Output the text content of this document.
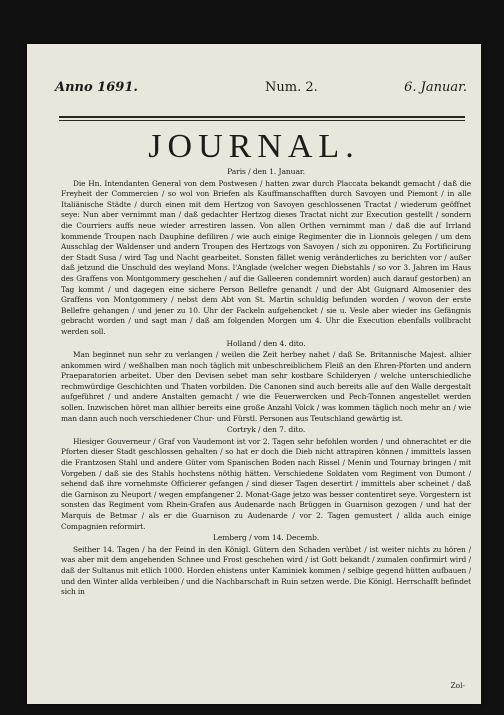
Anno 1691.	Num. 2.	6. Januar.
JOURNAL.
Paris / den 1. Januar.

Die Hn. Intendanten General von dem Postwesen / hatten zwar durch Placcata bekandt gemacht / daß die Freyheit der Commercien / so wol von Briefen als Kauffmanschafften durch Savoyen und Piemont / in alle Italiänische Städte / durch einen mit dem Hertzog von Savoyen geschlossenen Tractat / wiederum geöffnet seye: Nun aber vernimmt man / daß gedachter Hertzog dieses Tractat nicht zur Execution gestellt / sondern die Courriers auffs neue wieder arrestiren lassen. Von allen Orthen vernimmt man / daß die auf Irrland kommende Troupen nach Dauphine defiliren / wie auch einige Regimenter die in Lionnois gelegen / um dem Ausschlag der Waldenser und andern Troupen des Hertzogs von Savoyen / sich zu opponiren. Zu Fortificirung der Stadt Susa / wird Tag und Nacht gearbeitet. Sonsten fället wenig veränderliches zu berichten vor / außer daß jetzund die Unschuld des weyland Mons. l'Anglade (welcher wegen Diebstahls / so vor 3. Jahren im Haus des Graffens von Montgommery geschehen / auf die Galleeren condemnirt worden) auch darauf gestorben) an Tag kommt / und dagegen eine sichere Person Bellefre genandt / und der Abt Guignard Almosenier des Graffens von Montgommery / nebst dem Abt von St. Martin schuldig befunden worden / wovon der erste Bellefre gehangen / und jener zu 10. Uhr der Fackeln aufgehencket / sie u. Vesle aber wieder ins Gefängnis gebracht worden / und sagt man / daß am folgenden Morgen um 4. Uhr die Execution ebenfalls vollbracht werden soll.

Holland / den 4. dito.

Man beginnet nun sehr zu verlangen / weilen die Zeit herbey nahet / daß Se. Britannische Majest. alhier ankommen wird / weßhalben man noch täglich mit unbeschreiblichem Fleiß an den Ehren-Pforten und andern Praeparatorien arbeitet. Uber den Devisen sebet man sehr kostbare Schilderyen / welche unterschiedliche rechmwürdige Geschichten und Thaten vorbilden. Die Canonen sind auch bereits alle auf den Walle dergestalt aufgeführet / und andere Anstalten gemacht / wie die Feuerwercken und Pech-Tonnen angestellet werden sollen. Inzwischen höret man allhier bereits eine große Anzahl Volck / was kommen täglich noch mehr an / wie man dann auch noch verschiedener Chur- und Fürstl. Personen aus Teutschland gewärtig ist.

Cortryk / den 7. dito.

Hiesiger Gouverneur / Graf von Vaudemont ist vor 2. Tagen sehr befohlen worden / und ohnerachtet er die Pforten dieser Stadt geschlossen gehalten / so hat er doch die Dieb nicht attrapiren können / immittels lassen die Frantzosen Stahl und andere Güter vom Spanischen Boden nach Rissel / Menin und Tournay bringen / mit Vorgeben / daß sie des Stahls hochstens nöthig hätten. Verschiedene Soldaten vom Regiment von Dumont / sehend daß ihre vornehmste Officierer gefangen / sind dieser Tagen desertirt / immittels aber scheinet / daß die Garnison zu Neuport / wegen empfangener 2. Monat-Gage jetzo was besser contentiret seye. Vorgestern ist sonsten das Regiment vom Rhein-Grafen aus Audenarde nach Brüggen in Guarnison gezogen / und hat der Marquis de Betmar / als er die Guarnison zu Audenarde / vor 2. Tagen gemustert / allda auch einige Compagnien reformirt.

Lemberg / vom 14. Decemb.

Seither 14. Tagen / ha der Feind in den Königl. Gütern den Schaden verübet / ist weiter nichts zu hören / was aber mit dem angehenden Schnee und Frost geschehen wird / ist Gott bekandt / zumalen confirmirt wird / daß der Sultanus mit etlich 1000. Horden ehistens unter Kaminiek kommen / selbige gegend hütten aufbauen / und den Winter allda verbleiben / und die Nachbarschaft in Ruin setzen werde. Die Königl. Herrschafft befindet sich in

Zol-
